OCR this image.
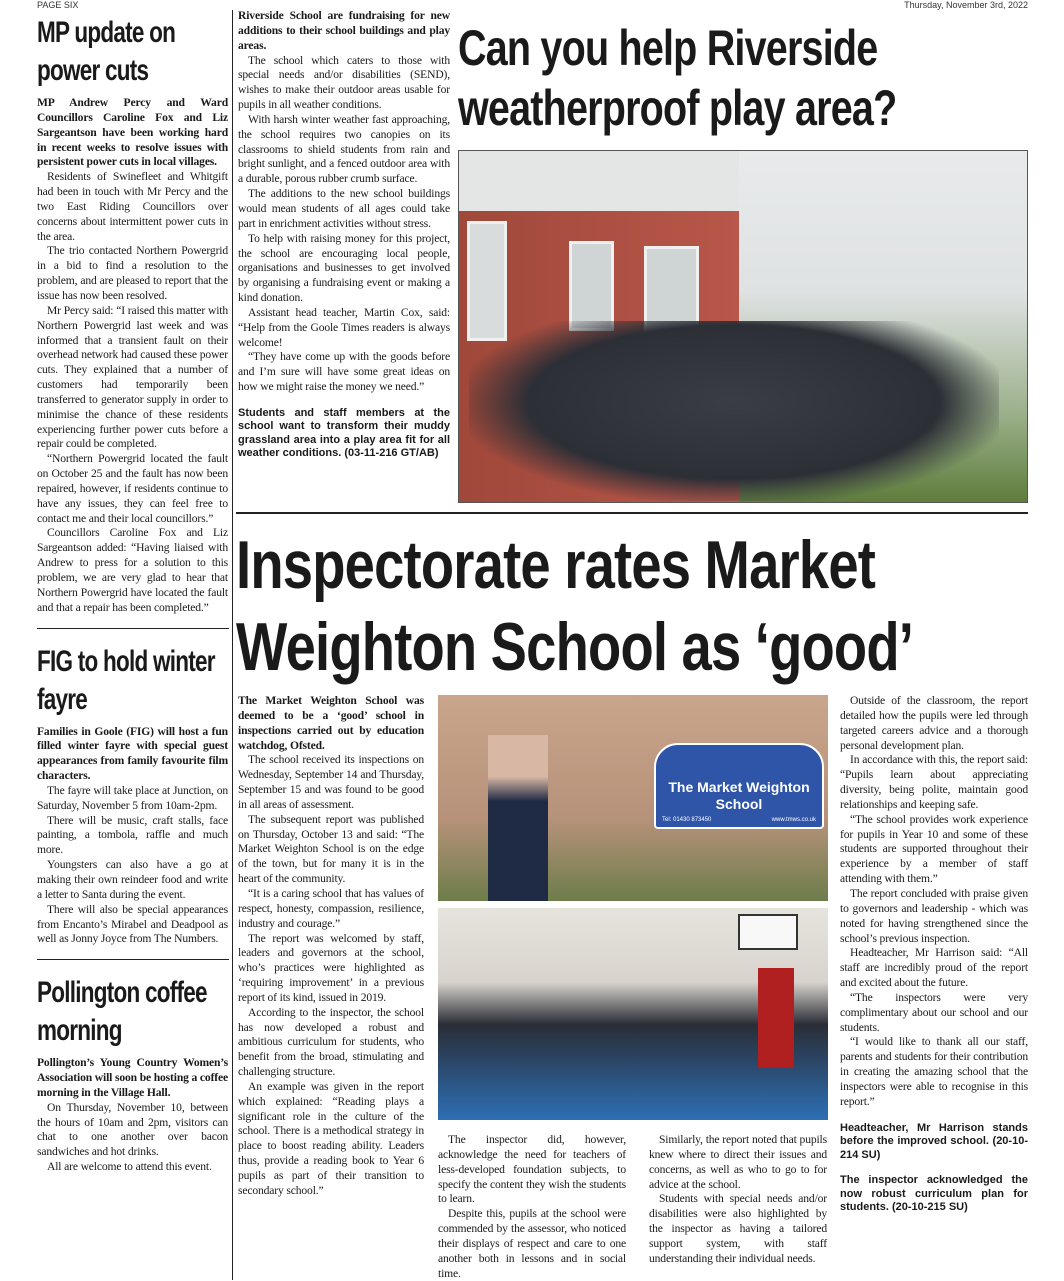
PAGE SIX	Thursday, November 3rd, 2022
MP update on power cuts

MP Andrew Percy and Ward Councillors Caroline Fox and Liz Sargeantson have been working hard in recent weeks to resolve issues with persistent power cuts in local villages.

Residents of Swinefleet and Whitgift had been in touch with Mr Percy and the two East Riding Councillors over concerns about intermittent power cuts in the area.

The trio contacted Northern Powergrid in a bid to find a resolution to the problem, and are pleased to report that the issue has now been resolved.

Mr Percy said: “I raised this matter with Northern Powergrid last week and was informed that a transient fault on their overhead network had caused these power cuts. They explained that a number of customers had temporarily been transferred to generator supply in order to minimise the chance of these residents experiencing further power cuts before a repair could be completed.

“Northern Powergrid located the fault on October 25 and the fault has now been repaired, however, if residents continue to have any issues, they can feel free to contact me and their local councillors.”

Councillors Caroline Fox and Liz Sargeantson added: “Having liaised with Andrew to press for a solution to this problem, we are very glad to hear that Northern Powergrid have located the fault and that a repair has been completed.”

FIG to hold winter fayre

Families in Goole (FIG) will host a fun filled winter fayre with special guest appearances from family favourite film characters.

The fayre will take place at Junction, on Saturday, November 5 from 10am-2pm.

There will be music, craft stalls, face painting, a tombola, raffle and much more.

Youngsters can also have a go at making their own reindeer food and write a letter to Santa during the event.

There will also be special appearances from Encanto’s Mirabel and Deadpool as well as Jonny Joyce from The Numbers.

Pollington coffee morning

Pollington’s Young Country Women’s Association will soon be hosting a coffee morning in the Village Hall.

On Thursday, November 10, between the hours of 10am and 2pm, visitors can chat to one another over bacon sandwiches and hot drinks.

All are welcome to attend this event.

Riverside School are fundraising for new additions to their school buildings and play areas.

The school which caters to those with special needs and/or disabilities (SEND), wishes to make their outdoor areas usable for pupils in all weather conditions.

With harsh winter weather fast approaching, the school requires two canopies on its classrooms to shield students from rain and bright sunlight, and a fenced outdoor area with a durable, porous rubber crumb surface.

The additions to the new school buildings would mean students of all ages could take part in enrichment activities without stress.

To help with raising money for this project, the school are encouraging local people, organisations and businesses to get involved by organising a fundraising event or making a kind donation.

Assistant head teacher, Martin Cox, said: “Help from the Goole Times readers is always welcome!

“They have come up with the goods before and I’m sure will have some great ideas on how we might raise the money we need.”

Students and staff members at the school want to transform their muddy grassland area into a play area fit for all weather conditions. (03-11-216 GT/AB)

Can you help Riverside weatherproof play area?
Inspectorate rates Market Weighton School as ‘good’

The Market Weighton School was deemed to be a ‘good’ school in inspections carried out by education watchdog, Ofsted.

The school received its inspections on Wednesday, September 14 and Thursday, September 15 and was found to be good in all areas of assessment.

The subsequent report was published on Thursday, October 13 and said: “The Market Weighton School is on the edge of the town, but for many it is in the heart of the community.

“It is a caring school that has values of respect, honesty, compassion, resilience, industry and courage.”

The report was welcomed by staff, leaders and governors at the school, who’s practices were highlighted as ‘requiring improvement’ in a previous report of its kind, issued in 2019.

According to the inspector, the school has now developed a robust and ambitious curriculum for students, who benefit from the broad, stimulating and challenging structure.

An example was given in the report which explained: “Reading plays a significant role in the culture of the school. There is a methodical strategy in place to boost reading ability. Leaders thus, provide a reading book to Year 6 pupils as part of their transition to secondary school.”

The Market Weighton School
Tel: 01430 873450	www.tmws.co.uk

The inspector did, however, acknowledge the need for teachers of less-developed foundation subjects, to specify the content they wish the students to learn.

Despite this, pupils at the school were commended by the assessor, who noticed their displays of respect and care to one another both in lessons and in social time.

Similarly, the report noted that pupils knew where to direct their issues and concerns, as well as who to go to for advice at the school.

Students with special needs and/or disabilities were also highlighted by the inspector as having a tailored support system, with staff understanding their individual needs.

Outside of the classroom, the report detailed how the pupils were led through targeted careers advice and a thorough personal development plan.

In accordance with this, the report said: “Pupils learn about appreciating diversity, being polite, maintain good relationships and keeping safe.

“The school provides work experience for pupils in Year 10 and some of these students are supported throughout their experience by a member of staff attending with them.”

The report concluded with praise given to governors and leadership - which was noted for having strengthened since the school’s previous inspection.

Headteacher, Mr Harrison said: “All staff are incredibly proud of the report and excited about the future.

“The inspectors were very complimentary about our school and our students.

“I would like to thank all our staff, parents and students for their contribution in creating the amazing school that the inspectors were able to recognise in this report.”

Headteacher, Mr Harrison stands before the improved school. (20-10-214 SU)

The inspector acknowledged the now robust curriculum plan for students. (20-10-215 SU)
